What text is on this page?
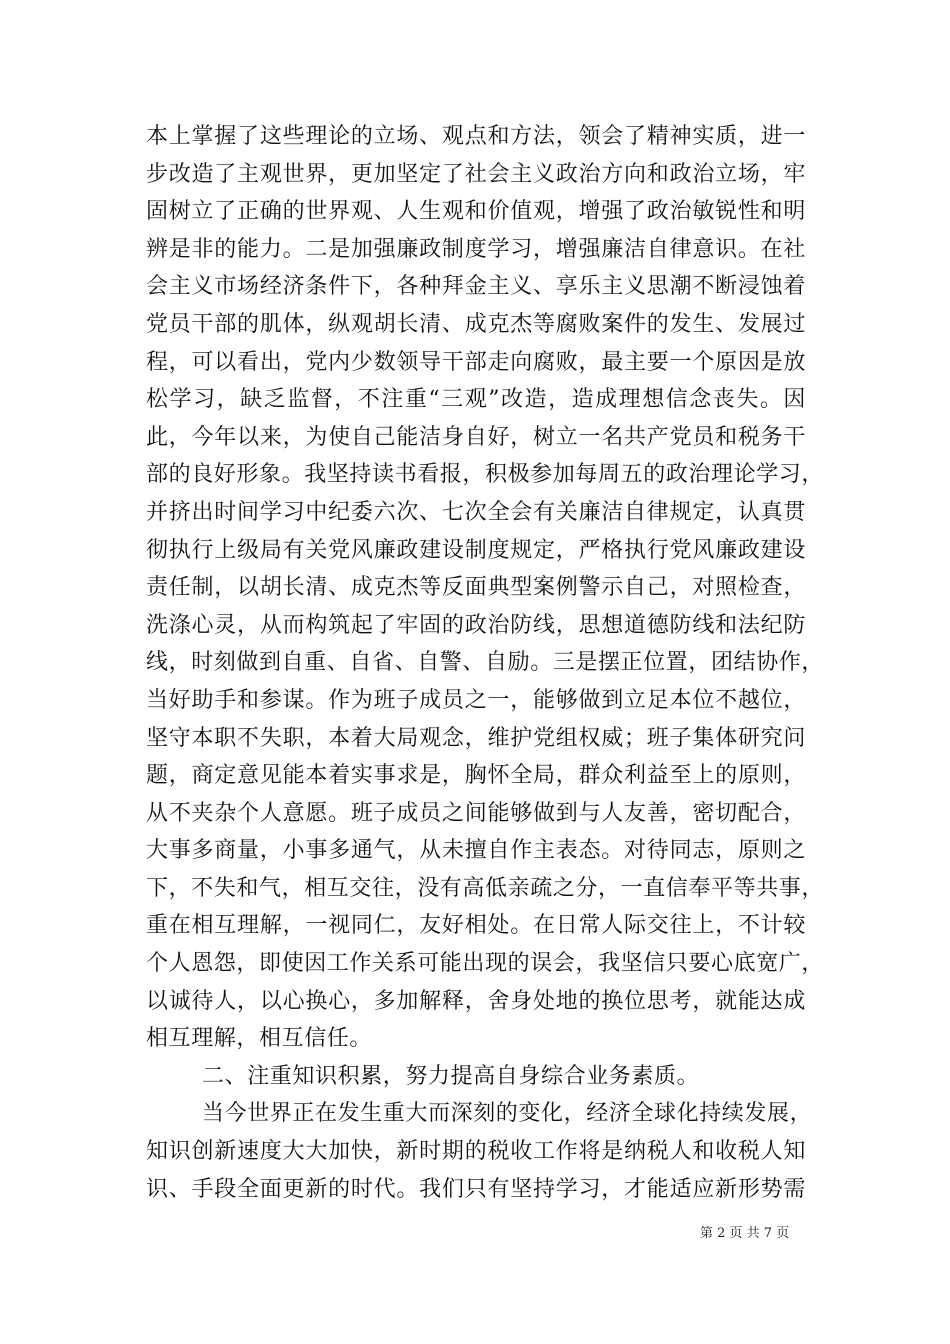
本上掌握了这些理论的立场、观点和方法，领会了精神实质，进一
步改造了主观世界，更加坚定了社会主义政治方向和政治立场，牢
固树立了正确的世界观、人生观和价值观，增强了政治敏锐性和明
辨是非的能力。二是加强廉政制度学习，增强廉洁自律意识。在社
会主义市场经济条件下，各种拜金主义、享乐主义思潮不断浸蚀着
党员干部的肌体，纵观胡长清、成克杰等腐败案件的发生、发展过
程，可以看出，党内少数领导干部走向腐败，最主要一个原因是放
松学习，缺乏监督，不注重“三观”改造，造成理想信念丧失。因
此，今年以来，为使自己能洁身自好，树立一名共产党员和税务干
部的良好形象。我坚持读书看报，积极参加每周五的政治理论学习，
并挤出时间学习中纪委六次、七次全会有关廉洁自律规定，认真贯
彻执行上级局有关党风廉政建设制度规定，严格执行党风廉政建设
责任制，以胡长清、成克杰等反面典型案例警示自己，对照检查，
洗涤心灵，从而构筑起了牢固的政治防线，思想道德防线和法纪防
线，时刻做到自重、自省、自警、自励。三是摆正位置，团结协作，
当好助手和参谋。作为班子成员之一，能够做到立足本位不越位，
坚守本职不失职，本着大局观念，维护党组权威；班子集体研究问
题，商定意见能本着实事求是，胸怀全局，群众利益至上的原则，
从不夹杂个人意愿。班子成员之间能够做到与人友善，密切配合，
大事多商量，小事多通气，从未擅自作主表态。对待同志，原则之
下，不失和气，相互交往，没有高低亲疏之分，一直信奉平等共事，
重在相互理解，一视同仁，友好相处。在日常人际交往上，不计较
个人恩怨，即使因工作关系可能出现的误会，我坚信只要心底宽广，
以诚待人，以心换心，多加解释，舍身处地的换位思考，就能达成
相互理解，相互信任。
二、注重知识积累，努力提高自身综合业务素质。
当今世界正在发生重大而深刻的变化，经济全球化持续发展，
知识创新速度大大加快，新时期的税收工作将是纳税人和收税人知
识、手段全面更新的时代。我们只有坚持学习，才能适应新形势需
第 2 页 共 7 页
